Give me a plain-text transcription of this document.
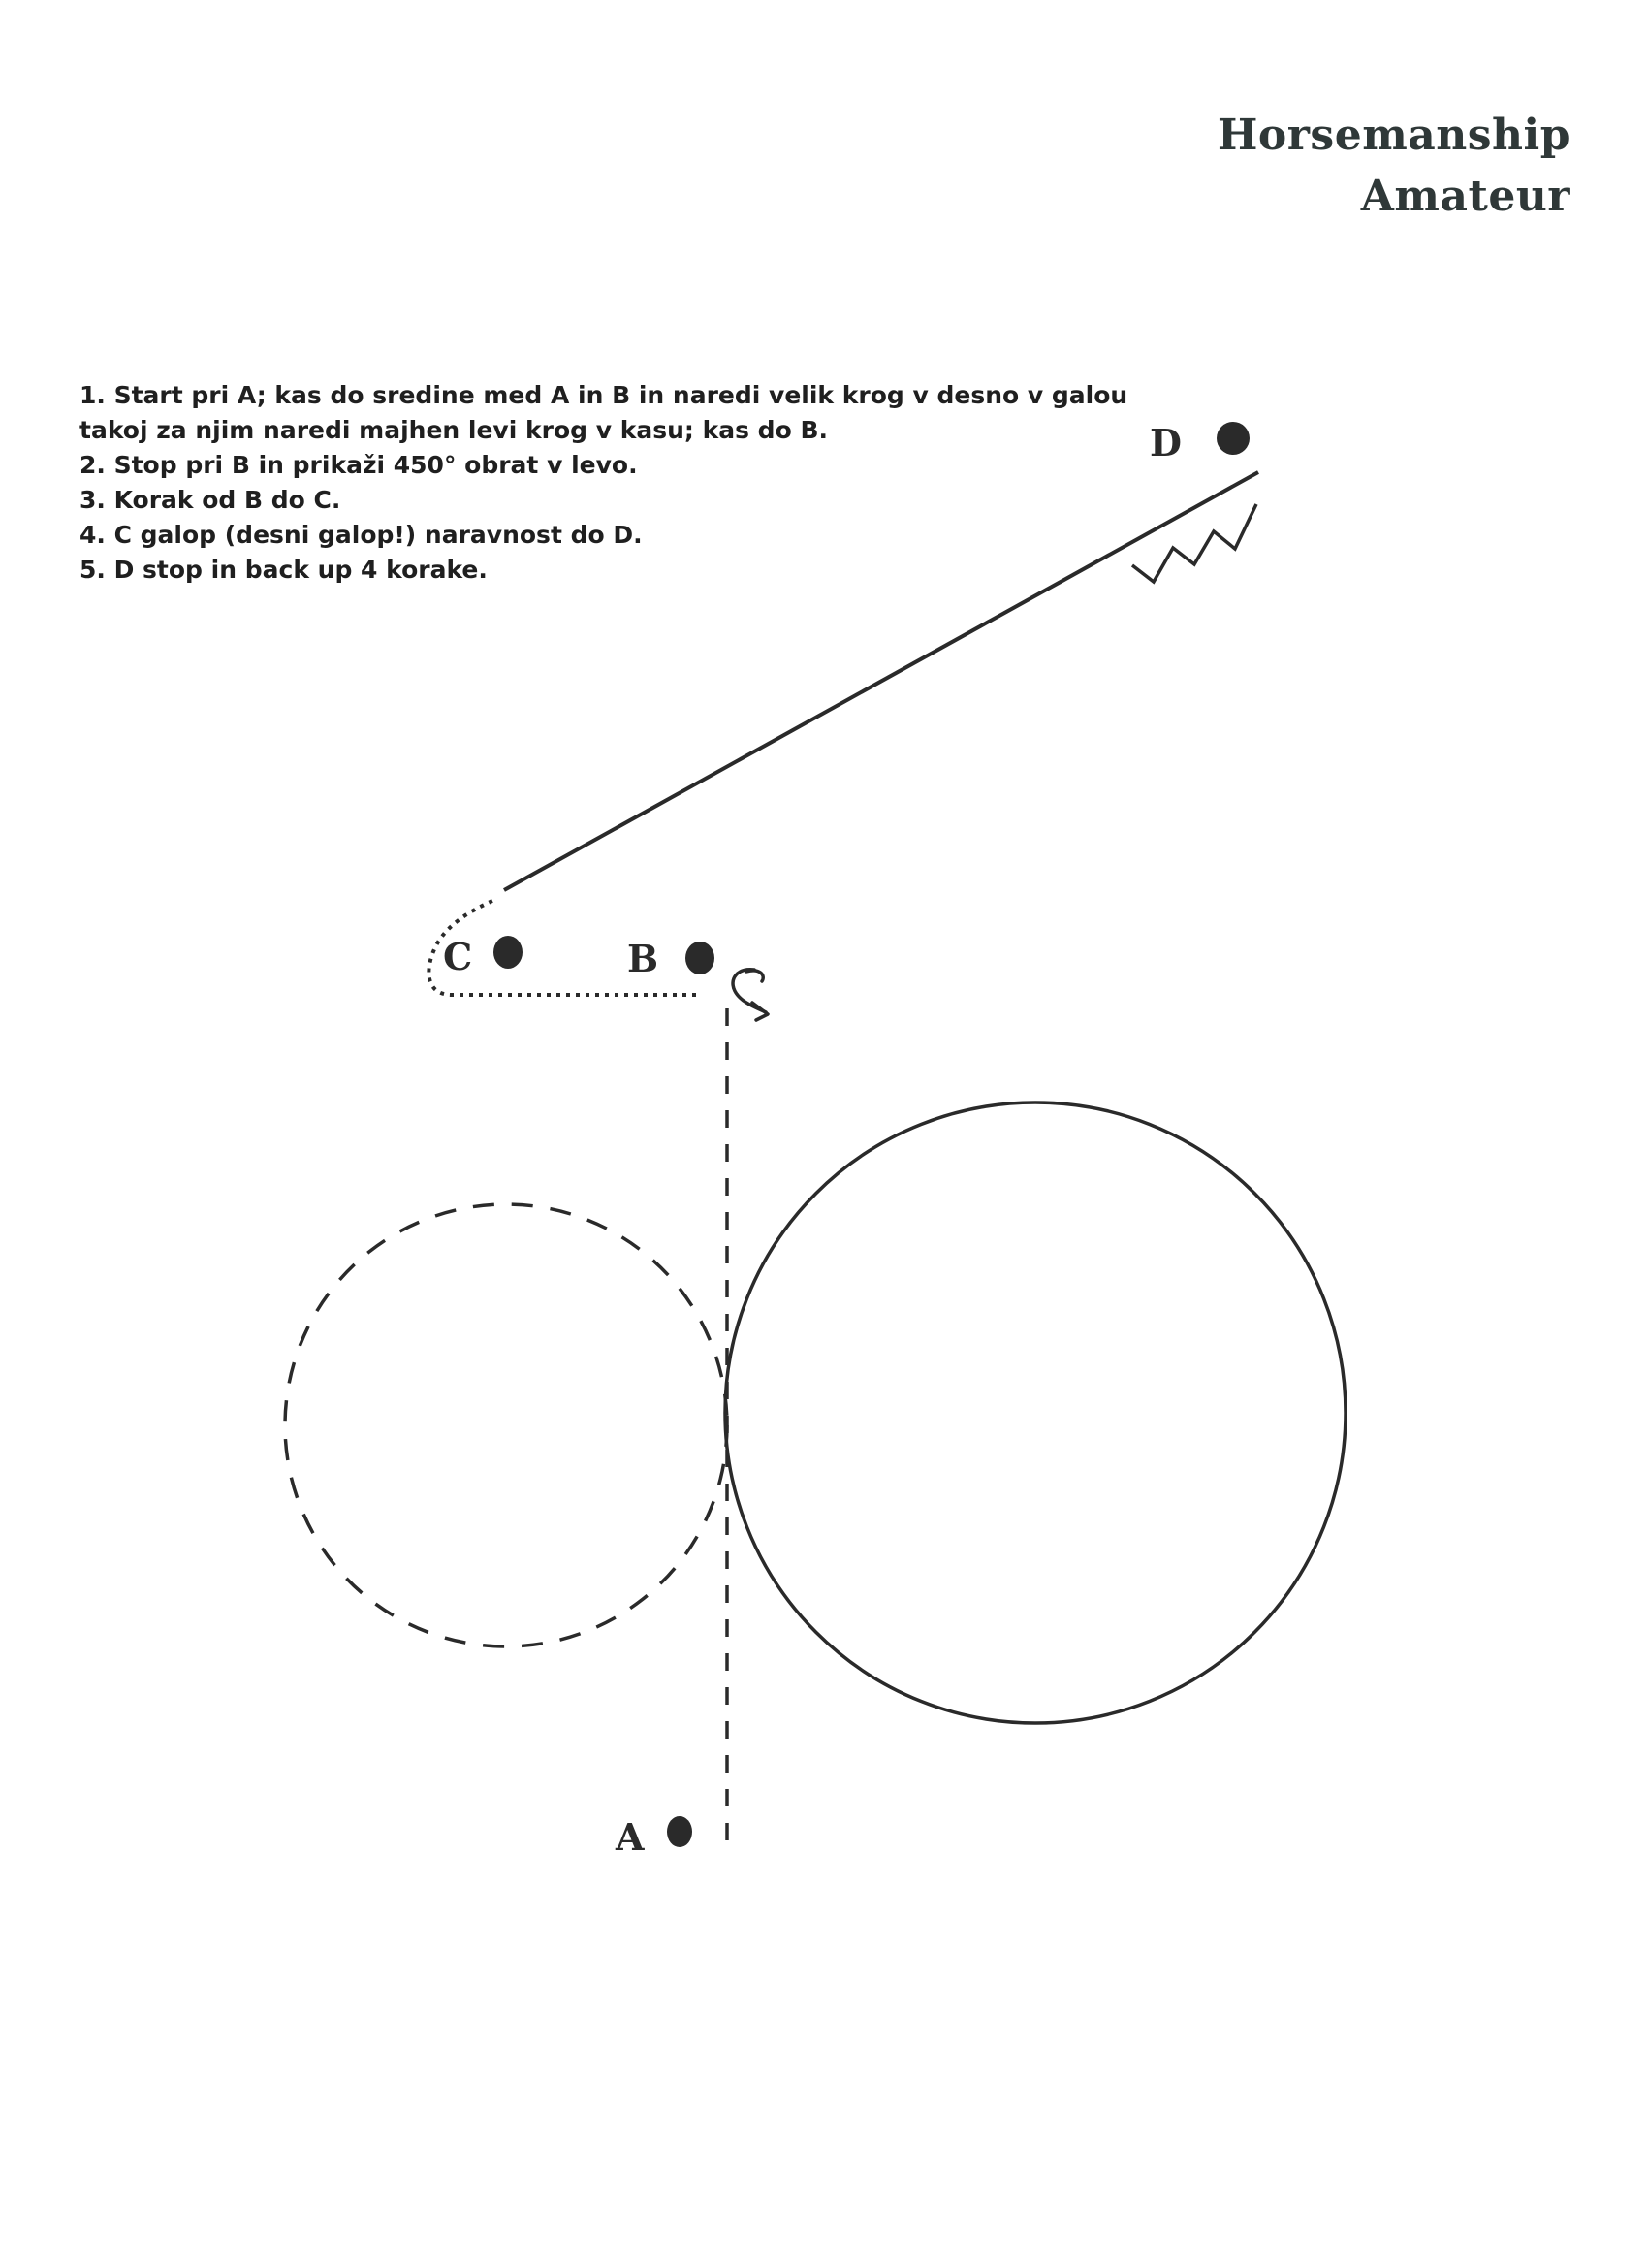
Horsemanship
Amateur
1. Start pri A; kas do sredine med A in B in naredi velik krog v desno v galou
takoj za njim naredi majhen levi krog v kasu; kas do B.
2. Stop pri B in prikaži 450° obrat v levo.
3. Korak od B do C.
4. C galop (desni galop!) naravnost do D.
5. D stop in back up 4 korake.
A
B
C
D
